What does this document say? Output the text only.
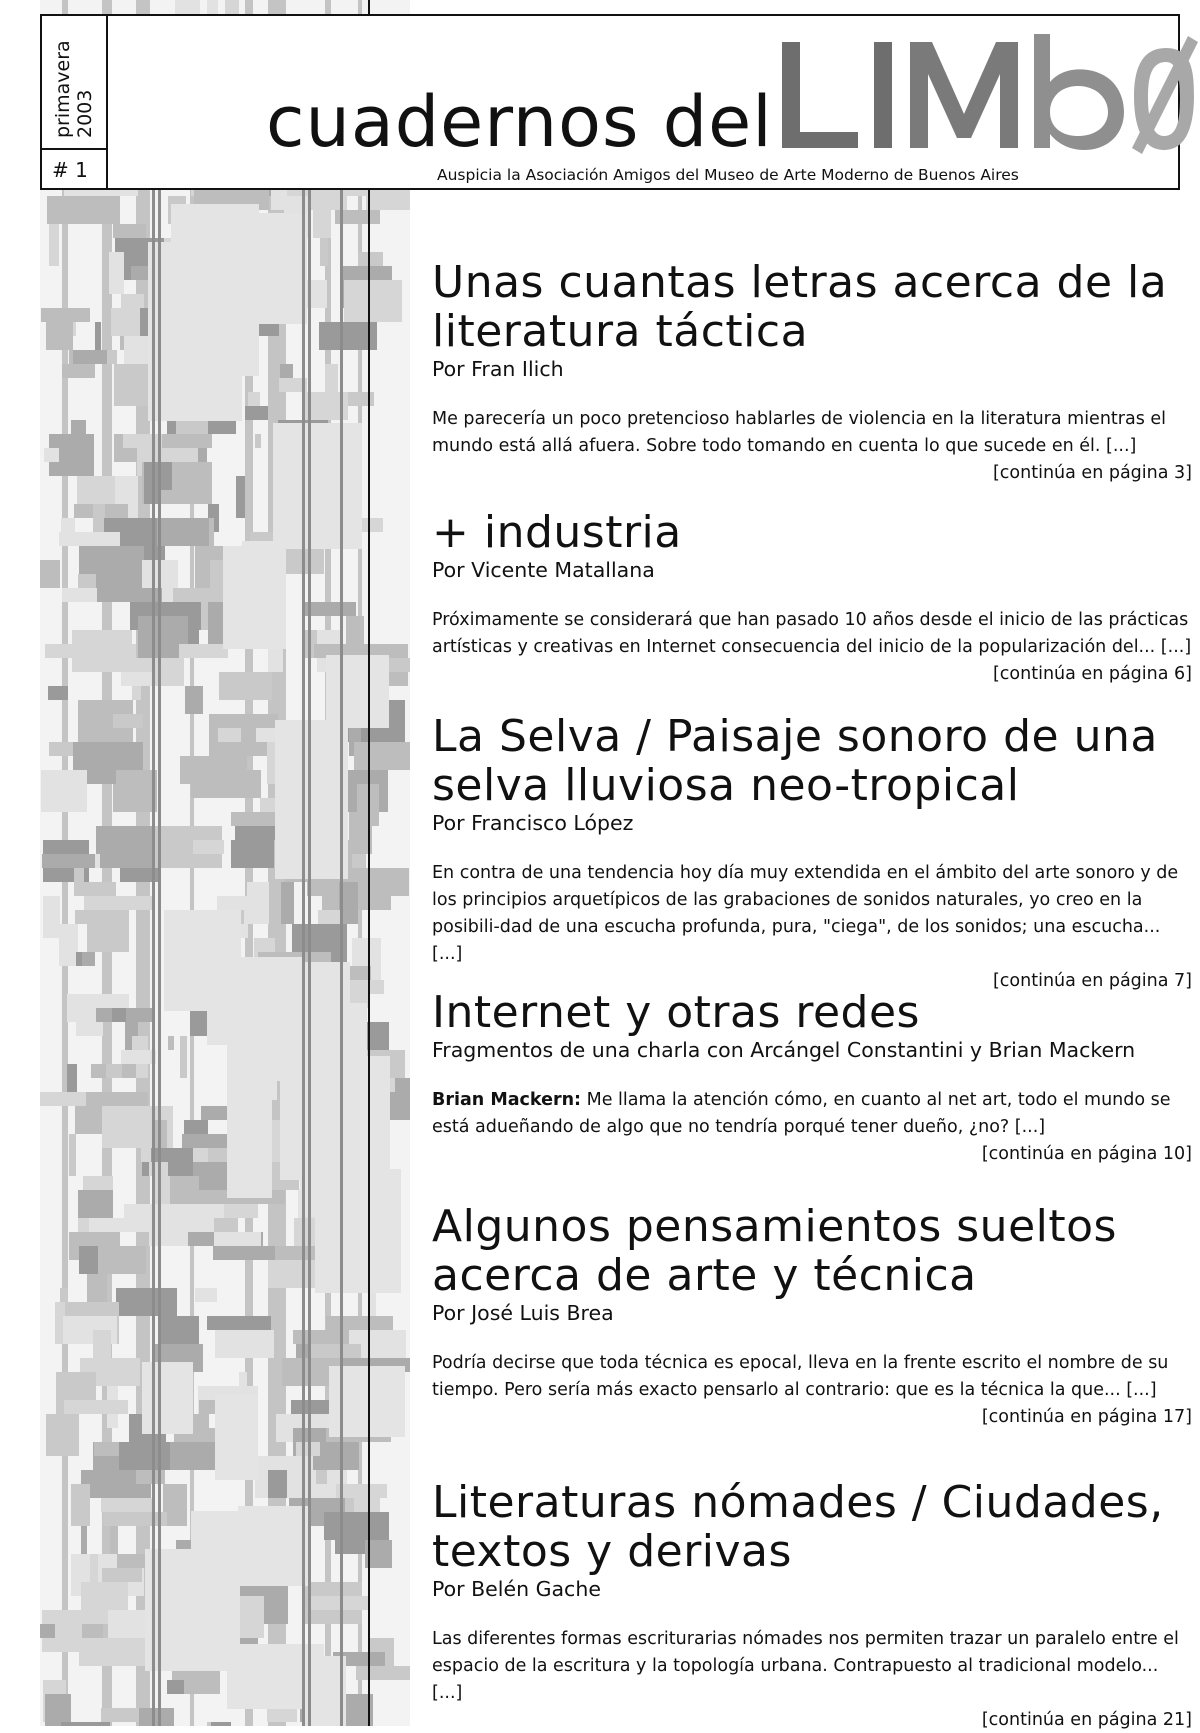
primavera 2003
# 1
cuadernos del
Auspicia la Asociación Amigos del Museo de Arte Moderno de Buenos Aires
Unas cuantas letras acerca de la literatura táctica
Por Fran Ilich
Me parecería un poco pretencioso hablarles de violencia en la literatura mientras el mundo está allá afuera. Sobre todo tomando en cuenta lo que sucede en él. [...]
[continúa en página 3]
+ industria
Por Vicente Matallana
Próximamente se considerará que han pasado 10 años desde el inicio de las prácticas artísticas y creativas en Internet consecuencia del inicio de la popularización del... [...]
[continúa en página 6]
La Selva / Paisaje sonoro de una selva lluviosa neo-tropical
Por Francisco López
En contra de una tendencia hoy día muy extendida en el ámbito del arte sonoro y de los principios arquetípicos de las grabaciones de sonidos naturales, yo creo en la posibili-dad de una escucha profunda, pura, "ciega", de los sonidos; una escucha... [...]
[continúa en página 7]
Internet y otras redes
Fragmentos de una charla con Arcángel Constantini y Brian Mackern
Brian Mackern: Me llama la atención cómo, en cuanto al net art, todo el mundo se está adueñando de algo que no tendría porqué tener dueño, ¿no? [...]
[continúa en página 10]
Algunos pensamientos sueltos acerca de arte y técnica
Por José Luis Brea
Podría decirse que toda técnica es epocal, lleva en la frente escrito el nombre de su tiempo. Pero sería más exacto pensarlo al contrario: que es la técnica la que... [...]
[continúa en página 17]
Literaturas nómades / Ciudades, textos y derivas
Por Belén Gache
Las diferentes formas escriturarias nómades nos permiten trazar un paralelo entre el espacio de la escritura y la topología urbana. Contrapuesto al tradicional modelo... [...]
[continúa en página 21]
